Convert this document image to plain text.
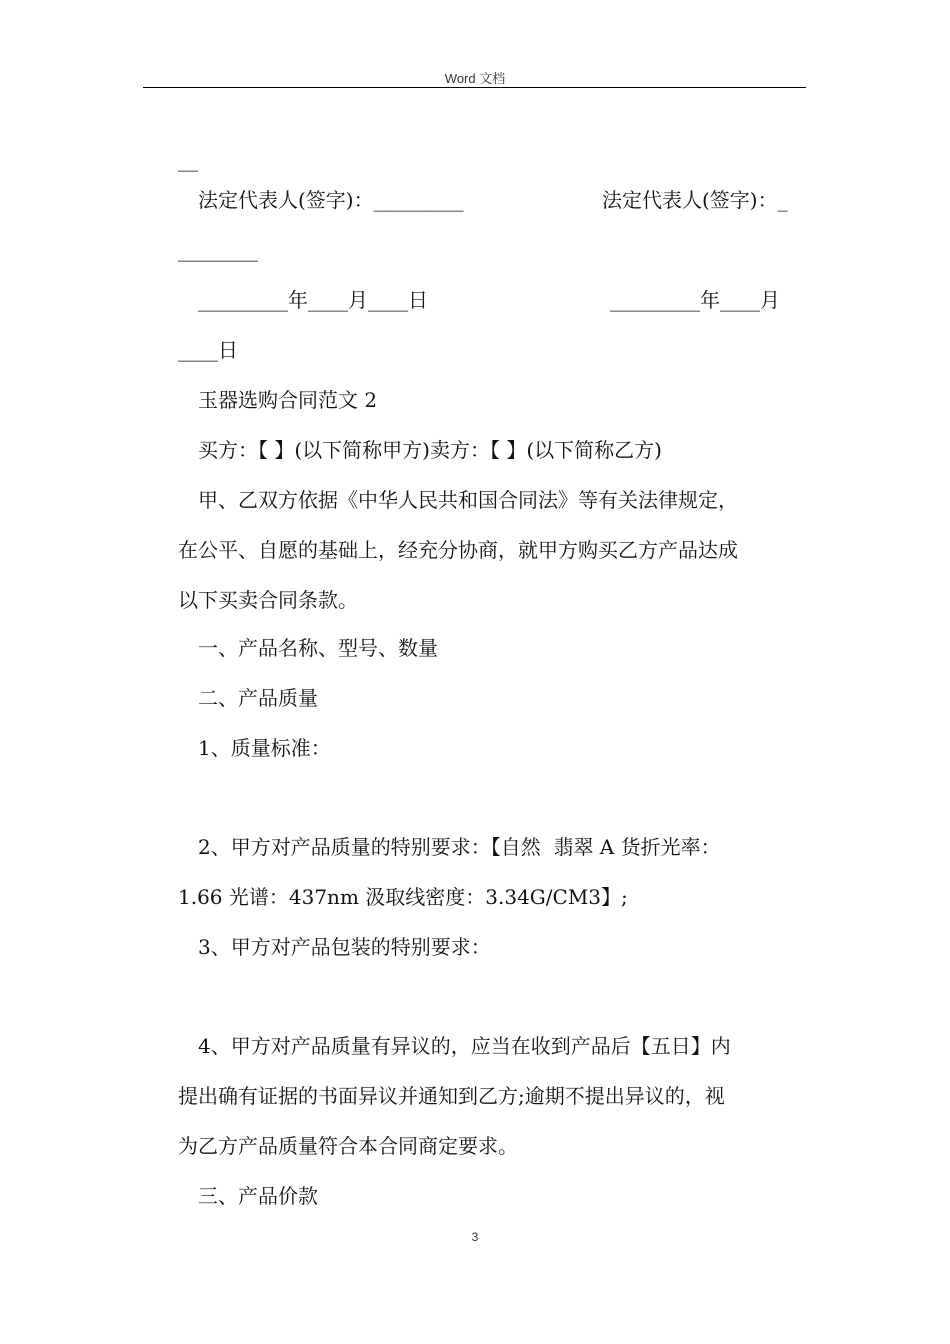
Word 文档
__
法定代表人(签字)：_________	法定代表人(签字)：_
________
_________年____月____日	_________年____月
____日
玉器选购合同范文 2
买方：【 】(以下简称甲方)卖方：【 】(以下简称乙方)
甲、乙双方依据《中华人民共和国合同法》等有关法律规定，
在公平、自愿的基础上，经充分协商，就甲方购买乙方产品达成
以下买卖合同条款。
一、产品名称、型号、数量
二、产品质量
1、质量标准：
2、甲方对产品质量的特别要求：【自然  翡翠 A 货折光率：
1.66 光谱：437nm 汲取线密度：3.34G/CM3】;
3、甲方对产品包装的特别要求：
4、甲方对产品质量有异议的，应当在收到产品后【五日】内
提出确有证据的书面异议并通知到乙方;逾期不提出异议的，视
为乙方产品质量符合本合同商定要求。
三、产品价款
3
